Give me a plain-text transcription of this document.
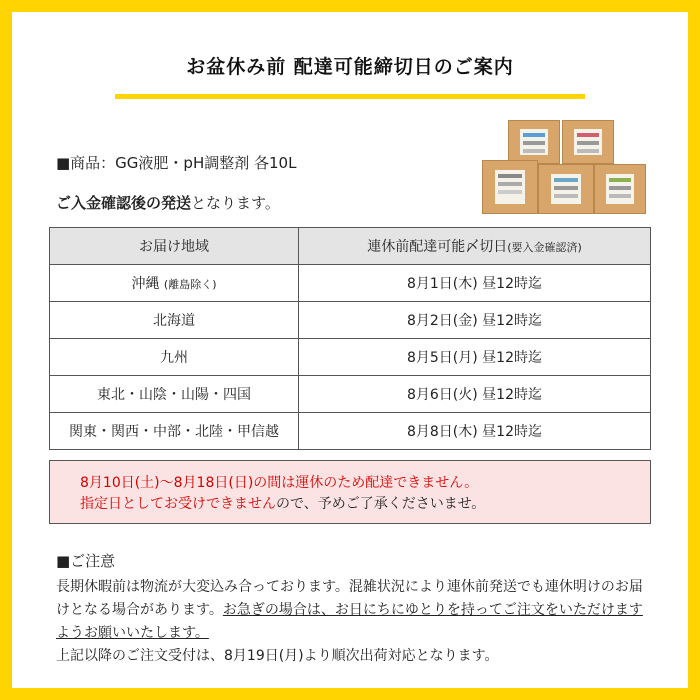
お盆休み前 配達可能締切日のご案内
■商品：GG液肥・pH調整剤 各10L
ご入金確認後の発送となります。
お届け地域	連休前配達可能〆切日(要入金確認済)
沖縄 (離島除く)	8月1日(木) 昼12時迄
北海道	8月2日(金) 昼12時迄
九州	8月5日(月) 昼12時迄
東北・山陰・山陽・四国	8月6日(火) 昼12時迄
関東・関西・中部・北陸・甲信越	8月8日(木) 昼12時迄
8月10日(土)〜8月18日(日)の間は運休のため配達できません。
指定日としてお受けできませんので、予めご了承くださいませ。
■ご注意
長期休暇前は物流が大変込み合っております。混雑状況により連休前発送でも連休明けのお届けとなる場合があります。お急ぎの場合は、お日にちにゆとりを持ってご注文をいただけますようお願いいたします。
上記以降のご注文受付は、8月19日(月)より順次出荷対応となります。
